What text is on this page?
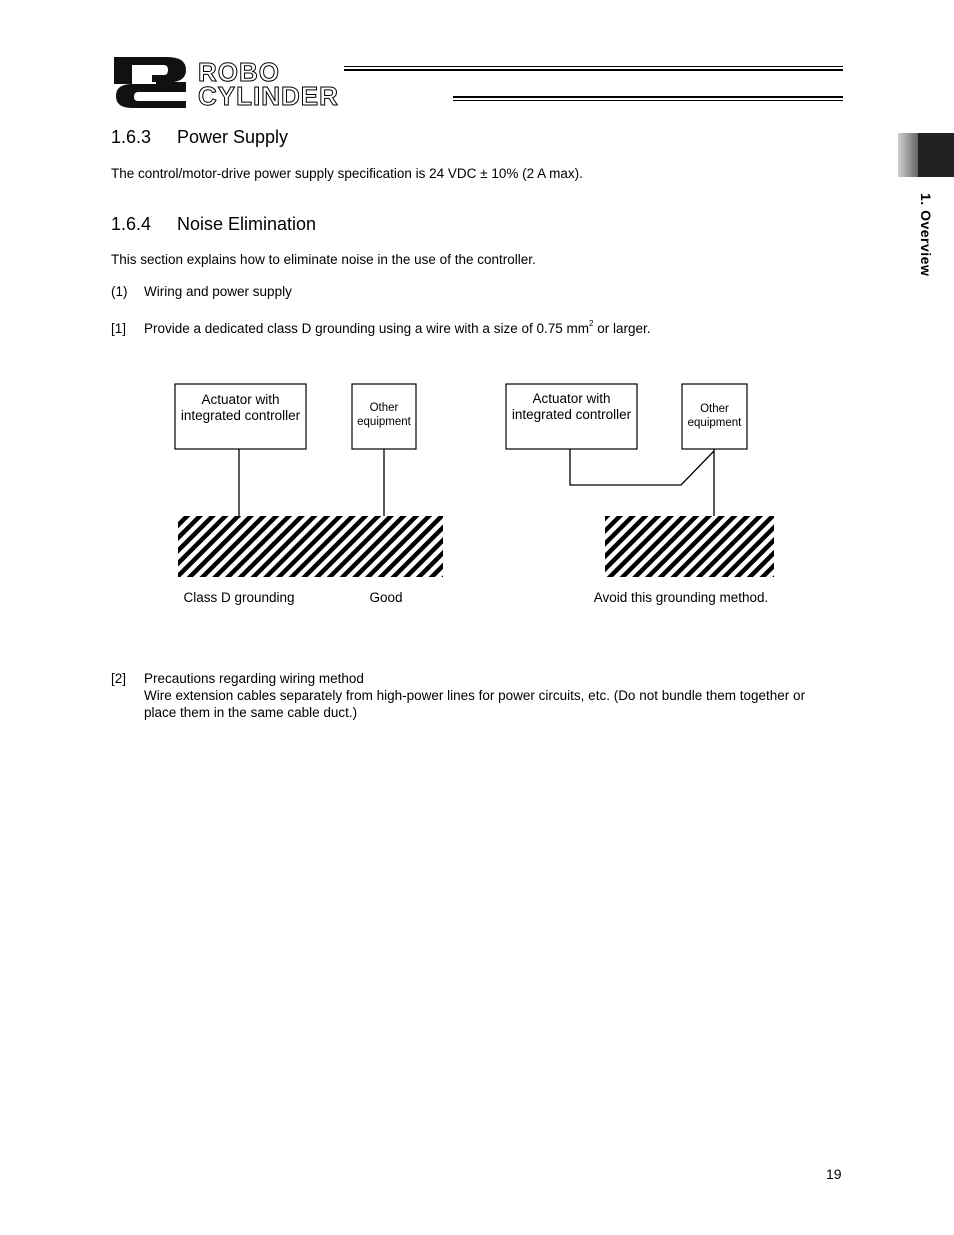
ROBO
CYLINDER
1. Overview
1.6.3 Power Supply
The control/motor-drive power supply specification is 24 VDC ± 10% (2 A max).
1.6.4 Noise Elimination
This section explains how to eliminate noise in the use of the controller.
(1) Wiring and power supply
[1] Provide a dedicated class D grounding using a wire with a size of 0.75 $mm^2$ or larger.
Actuator with
integrated controller	Other
equipment
Class D grounding	Good
Actuator with
integrated controller	Other
equipment
Avoid this grounding method.
[2] Precautions regarding wiring method
Wire extension cables separately from high-power lines for power circuits, etc. (Do not bundle them together or
place them in the same cable duct.)
19
